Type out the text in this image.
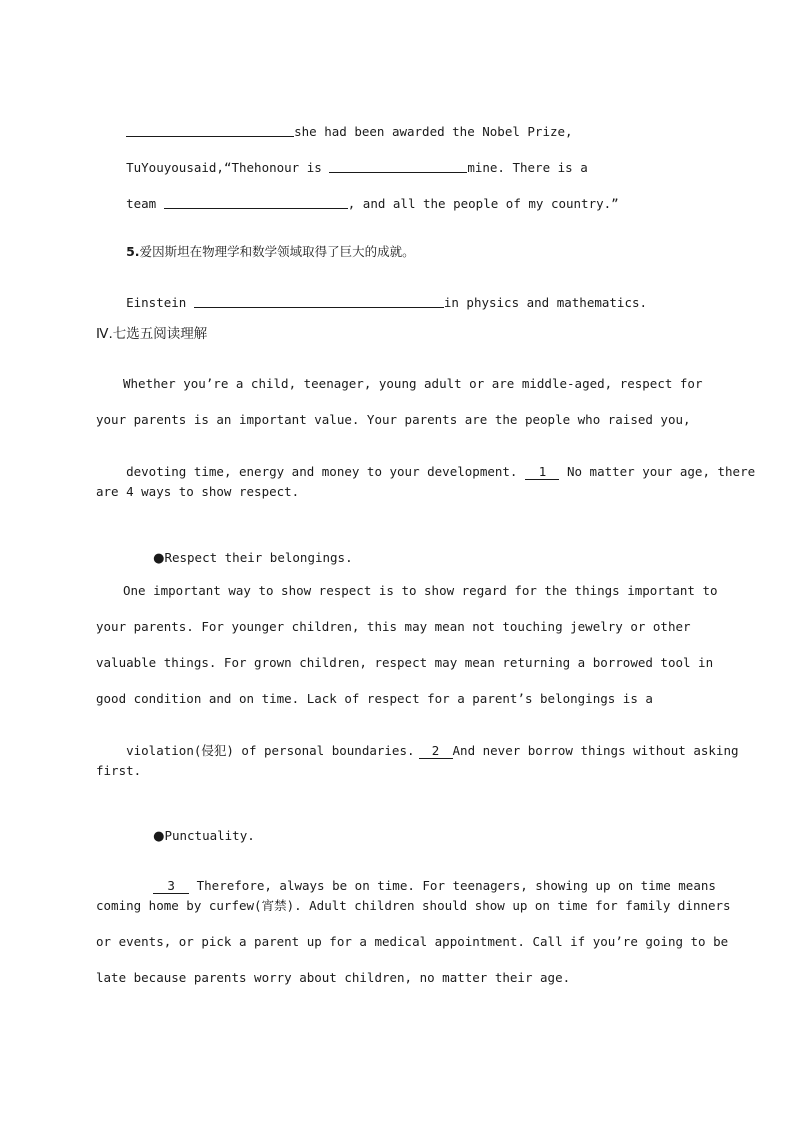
she had been awarded the Nobel Prize,

TuYouyousaid,“Thehonour is	mine. There is a

team	, and all the people of my country.”

5.爱因斯坦在物理学和数学领域取得了巨大的成就。

Einstein	in physics and mathematics.

Ⅳ.七选五阅读理解
Whether you’re a child, teenager, young adult or are middle-aged, respect for
your parents is an important value. Your parents are the people who raised you,

devoting time, energy and money to your development. 1 No matter your age, there

are 4 ways to show respect.

●Respect their belongings.

One important way to show respect is to show regard for the things important to
your parents. For younger children, this may mean not touching jewelry or other
valuable things. For grown children, respect may mean returning a borrowed tool in
good condition and on time. Lack of respect for a parent’s belongings is a

violation(侵犯) of personal boundaries. 2 And never borrow things without asking

first.

●Punctuality.

3 Therefore, always be on time. For teenagers, showing up on time means

coming home by curfew(宵禁). Adult children should show up on time for family dinners
or events, or pick a parent up for a medical appointment. Call if you’re going to be
late because parents worry about children, no matter their age.
